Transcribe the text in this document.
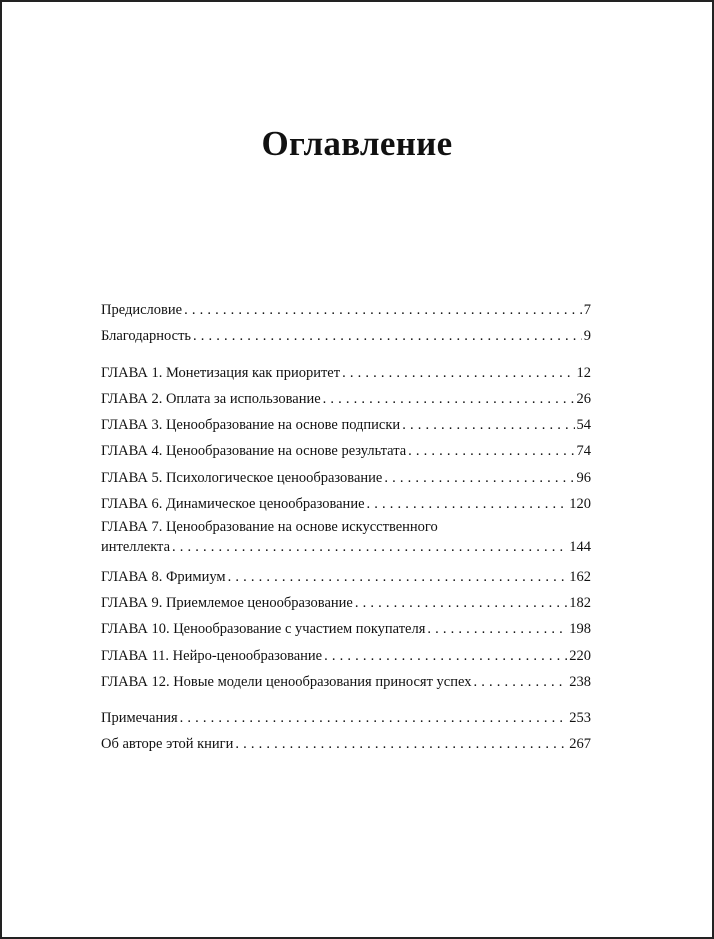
Оглавление
Предисловие . . .	7
Благодарность . . .	9
ГЛАВА 1. Монетизация как приоритет . . .	12
ГЛАВА 2. Оплата за использование . . .	26
ГЛАВА 3. Ценообразование на основе подписки . . .	54
ГЛАВА 4. Ценообразование на основе результата . . .	74
ГЛАВА 5. Психологическое ценообразование . . .	96
ГЛАВА 6. Динамическое ценообразование . . .	120
ГЛАВА 7. Ценообразование на основе искусственного
интеллекта . . .	144
ГЛАВА 8. Фримиум . . .	162
ГЛАВА 9. Приемлемое ценообразование . . .	182
ГЛАВА 10. Ценообразование с участием покупателя . . .	198
ГЛАВА 11. Нейро-ценообразование . . .	220
ГЛАВА 12. Новые модели ценообразования приносят успех . . .	238
Примечания . . .	253
Об авторе этой книги . . .	267
